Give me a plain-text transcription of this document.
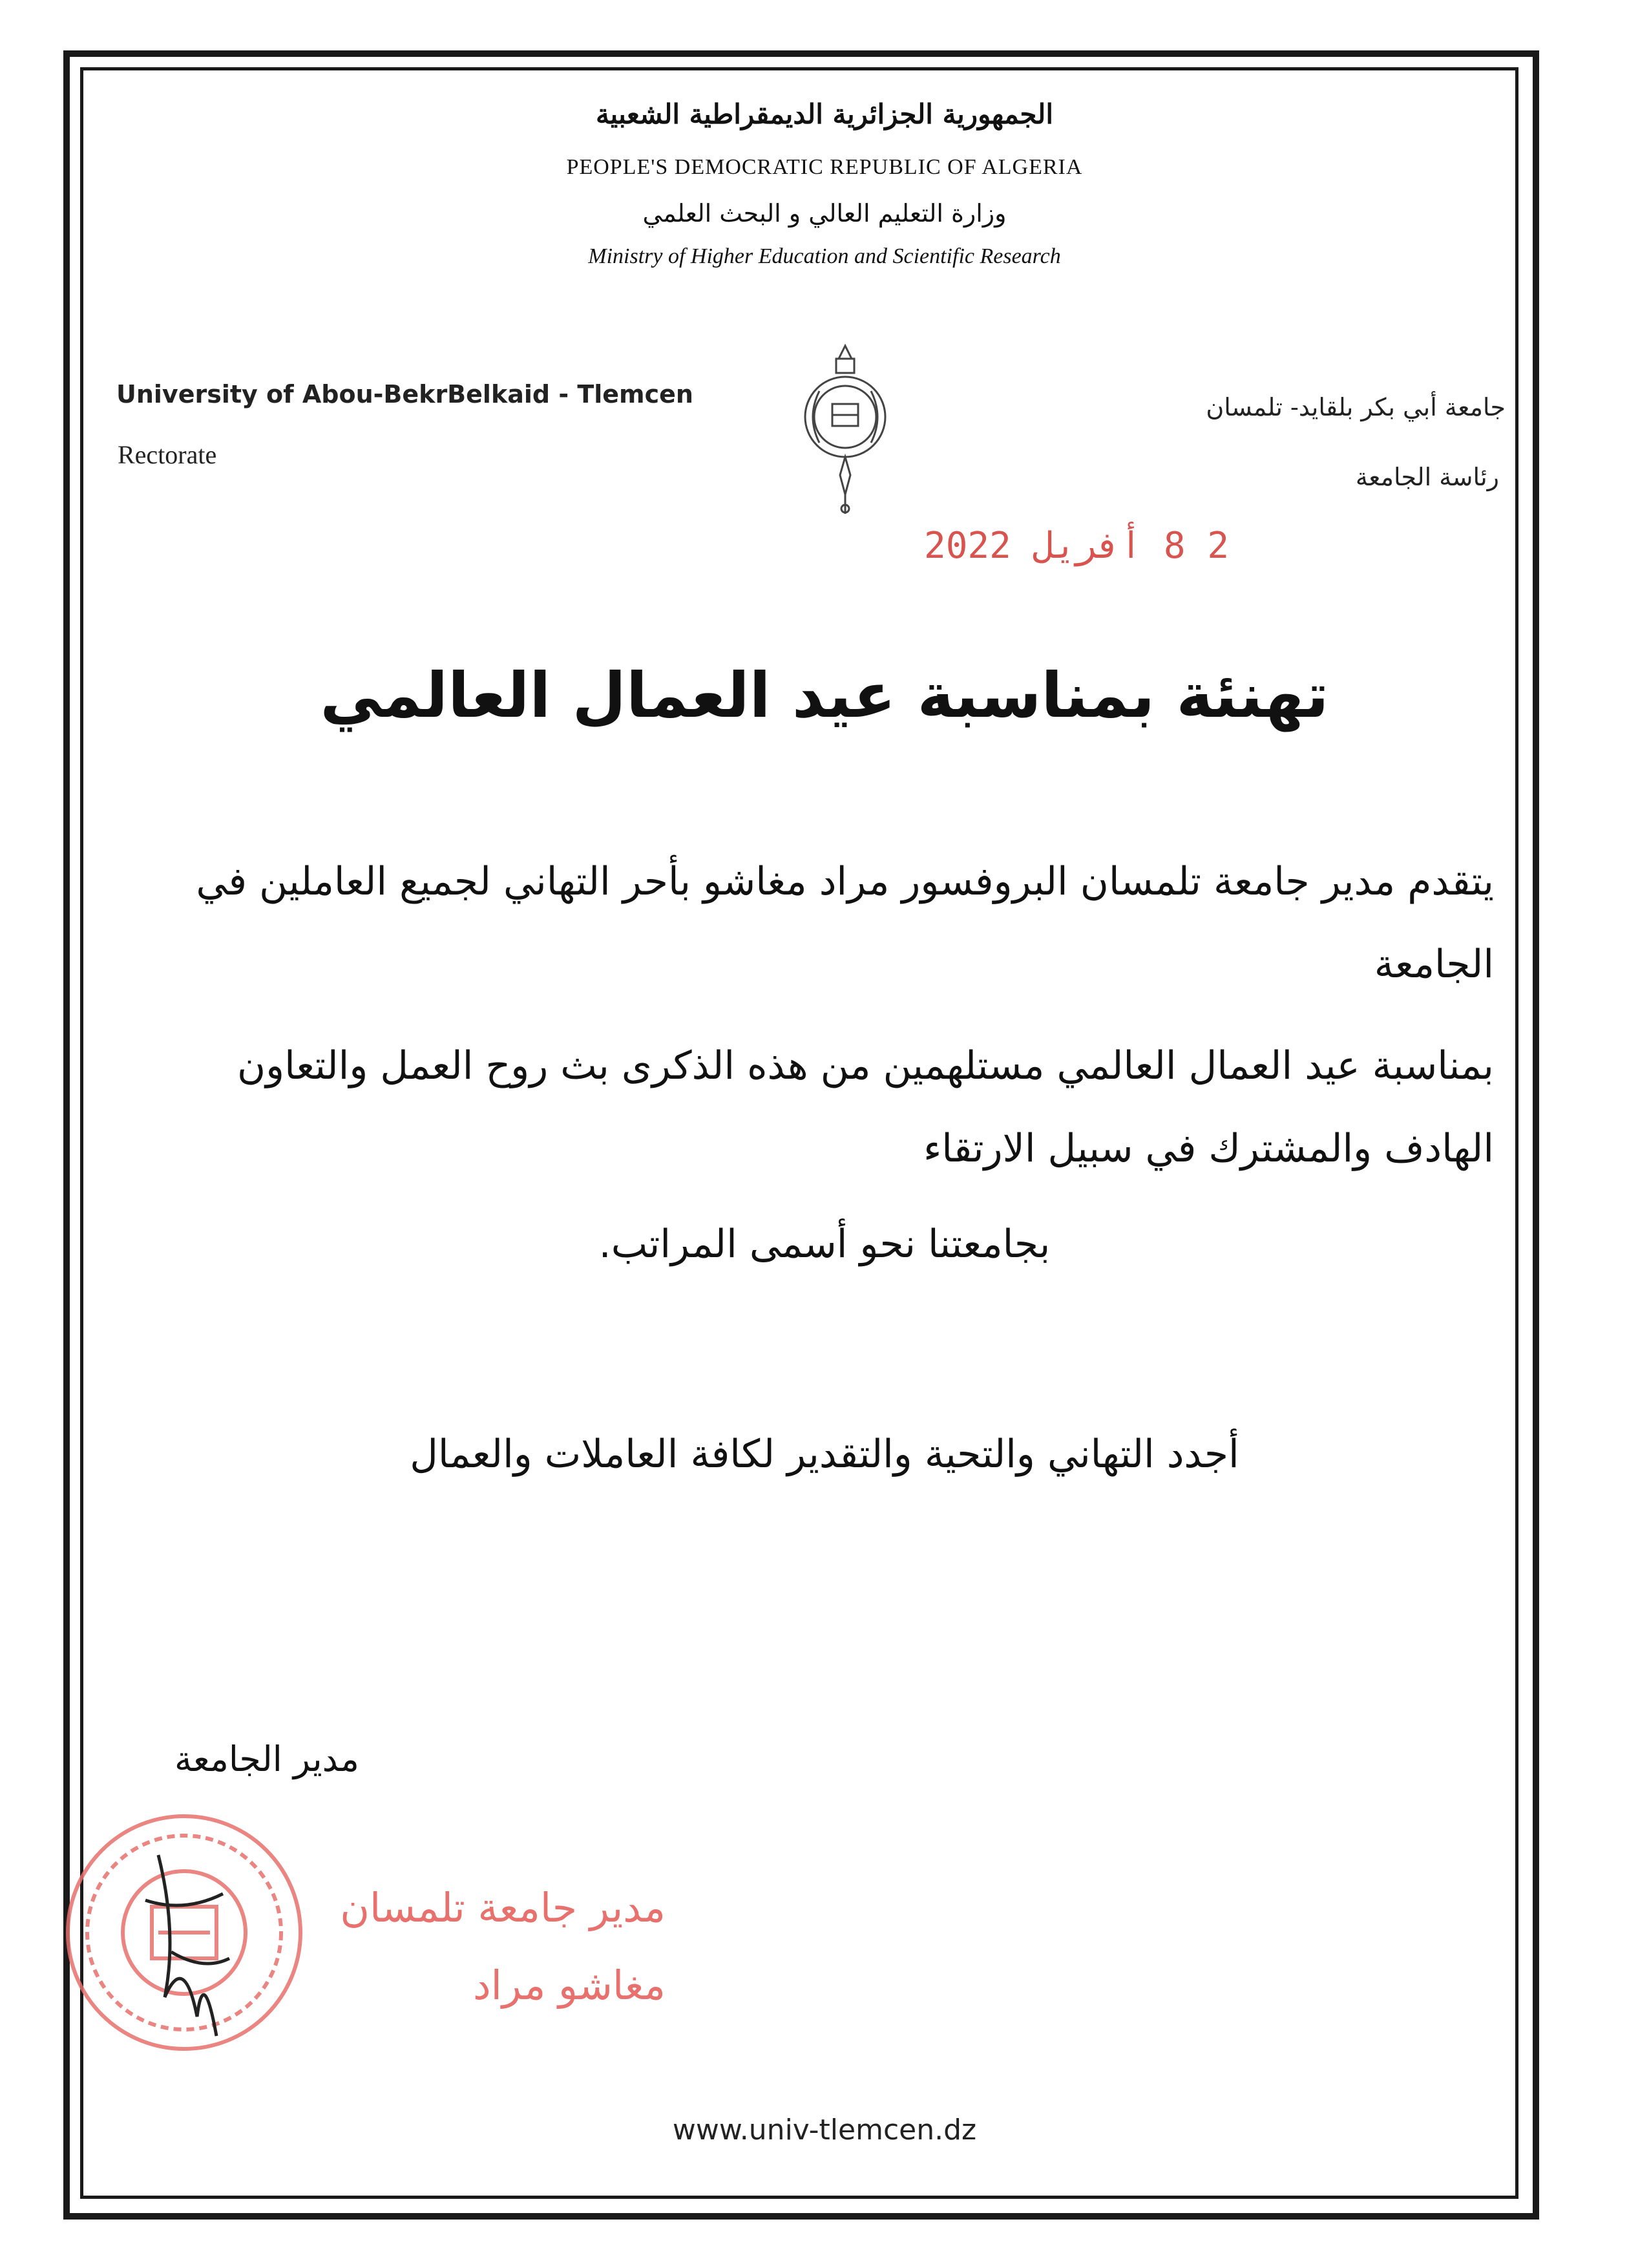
الجمهورية الجزائرية الديمقراطية الشعبية
PEOPLE'S DEMOCRATIC REPUBLIC OF ALGERIA
وزارة التعليم العالي و البحث العلمي
Ministry of Higher Education and Scientific Research
University of Abou-BekrBelkaid - Tlemcen
Rectorate
جامعة أبي بكر بلقايد- تلمسان
رئاسة الجامعة
2 8 أفريل 2022
تهنئة بمناسبة عيد العمال العالمي
يتقدم مدير جامعة تلمسان البروفسور مراد مغاشو بأحر التهاني لجميع العاملين في الجامعة
بمناسبة عيد العمال العالمي مستلهمين من هذه الذكرى بث روح العمل والتعاون الهادف والمشترك في سبيل الارتقاء
بجامعتنا نحو أسمى المراتب.
أجدد التهاني والتحية والتقدير لكافة العاملات والعمال
مدير الجامعة
مدير جامعة تلمسان
مغاشو مراد
www.univ-tlemcen.dz
